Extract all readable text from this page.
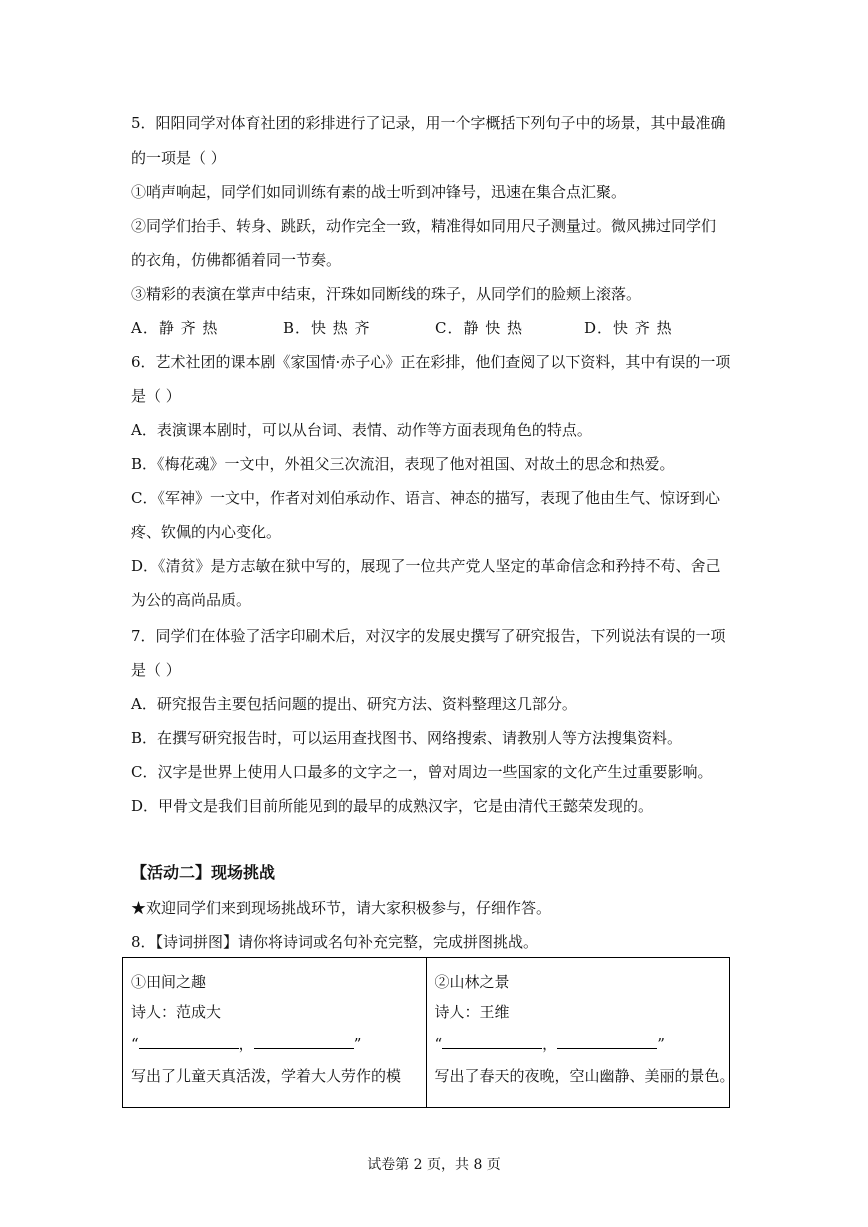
5．阳阳同学对体育社团的彩排进行了记录，用一个字概括下列句子中的场景，其中最准确
的一项是（ ）
①哨声响起，同学们如同训练有素的战士听到冲锋号，迅速在集合点汇聚。
②同学们抬手、转身、跳跃，动作完全一致，精准得如同用尺子测量过。微风拂过同学们
的衣角，仿佛都循着同一节奏。
③精彩的表演在掌声中结束，汗珠如同断线的珠子，从同学们的脸颊上滚落。
A．静 齐 热	B．快 热 齐	C．静 快 热	D．快 齐 热
6．艺术社团的课本剧《家国情·赤子心》正在彩排，他们查阅了以下资料，其中有误的一项
是（ ）
A．表演课本剧时，可以从台词、表情、动作等方面表现角色的特点。
B．《梅花魂》一文中，外祖父三次流泪，表现了他对祖国、对故土的思念和热爱。
C．《军神》一文中，作者对刘伯承动作、语言、神态的描写，表现了他由生气、惊讶到心
疼、钦佩的内心变化。
D．《清贫》是方志敏在狱中写的，展现了一位共产党人坚定的革命信念和矜持不苟、舍己
为公的高尚品质。
7．同学们在体验了活字印刷术后，对汉字的发展史撰写了研究报告，下列说法有误的一项
是（ ）
A．研究报告主要包括问题的提出、研究方法、资料整理这几部分。
B．在撰写研究报告时，可以运用查找图书、网络搜索、请教别人等方法搜集资料。
C．汉字是世界上使用人口最多的文字之一，曾对周边一些国家的文化产生过重要影响。
D．甲骨文是我们目前所能见到的最早的成熟汉字，它是由清代王懿荣发现的。
【活动二】现场挑战
★欢迎同学们来到现场挑战环节，请大家积极参与，仔细作答。
8．【诗词拼图】请你将诗词或名句补充完整，完成拼图挑战。
①田间之趣
诗人：范成大
“	，	”
写出了儿童天真活泼，学着大人劳作的模

②山林之景
诗人：王维
“	，	”
写出了春天的夜晚，空山幽静、美丽的景色。
试卷第 2 页，共 8 页
